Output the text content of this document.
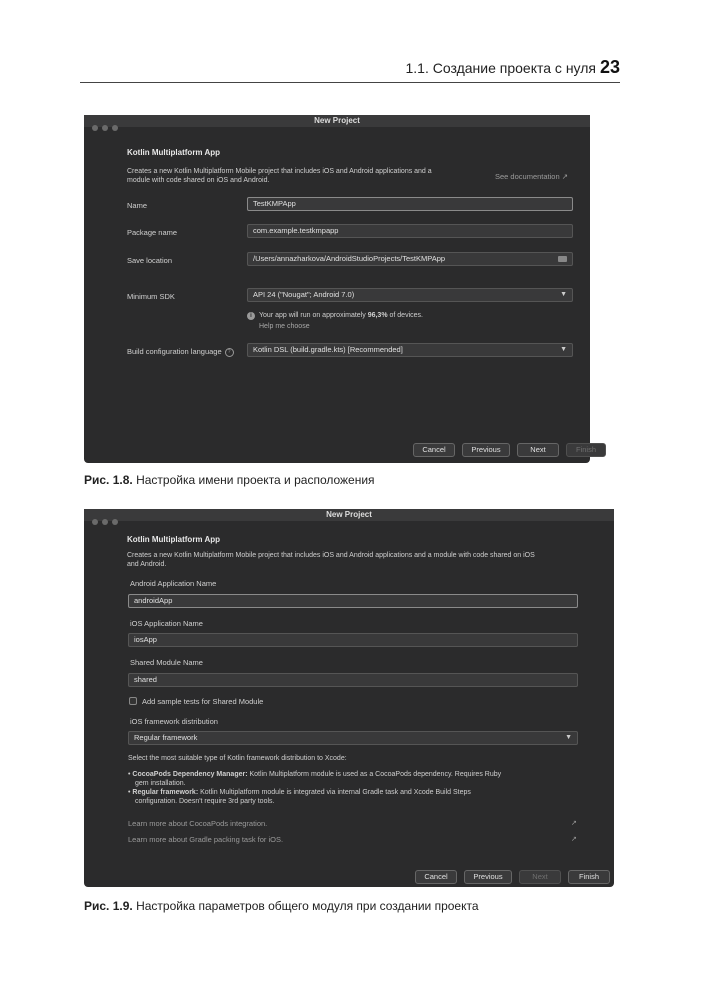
1.1. Создание проекта с нуля 23
New Project
Kotlin Multiplatform App
Creates a new Kotlin Multiplatform Mobile project that includes iOS and Android applications and a
module with code shared on iOS and Android.	See documentation ↗
Name	TestKMPApp
Package name	com.example.testkmpapp
Save location	/Users/annazharkova/AndroidStudioProjects/TestKMPApp
Minimum SDK	API 24 ("Nougat"; Android 7.0)	▼
i	Your app will run on approximately 96,3% of devices.
Help me choose
Build configuration language ?	Kotlin DSL (build.gradle.kts) [Recommended]	▼
Cancel	Previous	Next	Finish
Рис. 1.8. Настройка имени проекта и расположения
New Project
Kotlin Multiplatform App
Creates a new Kotlin Multiplatform Mobile project that includes iOS and Android applications and a module with code shared on iOS
and Android.
Android Application Name
androidApp
iOS Application Name
iosApp
Shared Module Name
shared
Add sample tests for Shared Module
iOS framework distribution
Regular framework	▼
Select the most suitable type of Kotlin framework distribution to Xcode:
• CocoaPods Dependency Manager: Kotlin Multiplatform module is used as a CocoaPods dependency. Requires Ruby
gem installation.
• Regular framework: Kotlin Multiplatform module is integrated via internal Gradle task and Xcode Build Steps
configuration. Doesn't require 3rd party tools.
Learn more about CocoaPods integration.	↗
Learn more about Gradle packing task for iOS.	↗
Cancel	Previous	Next	Finish
Рис. 1.9. Настройка параметров общего модуля при создании проекта
